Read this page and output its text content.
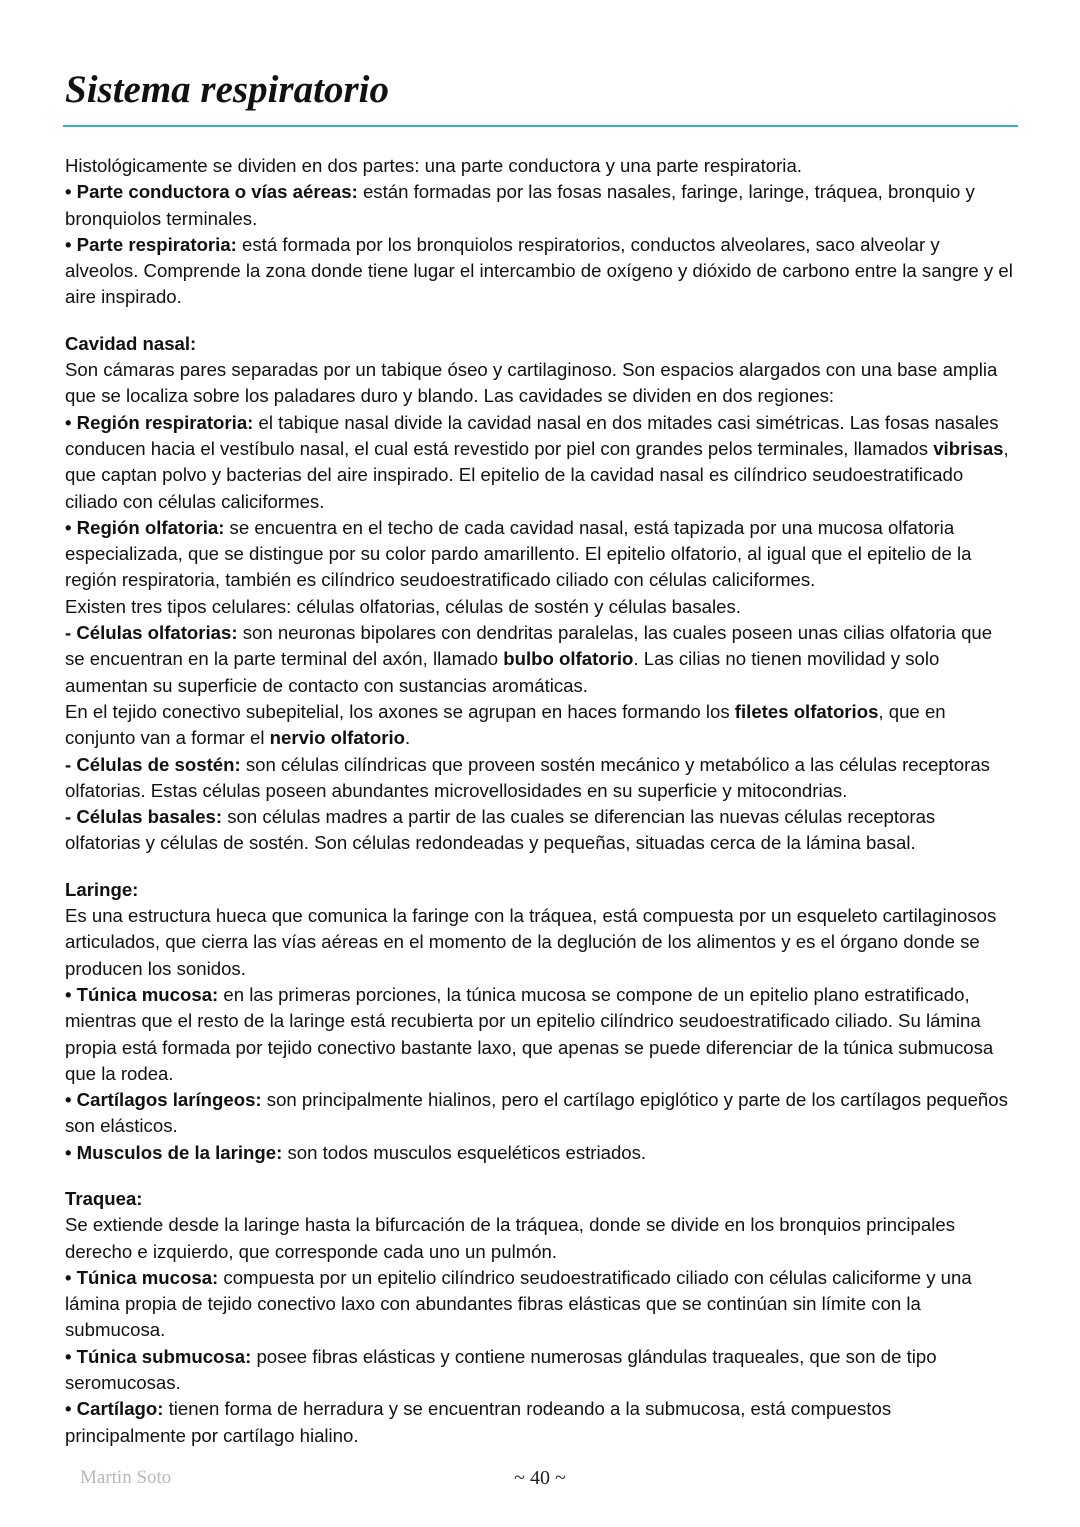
Sistema respiratorio

Histológicamente se dividen en dos partes: una parte conductora y una parte respiratoria.

• Parte conductora o vías aéreas: están formadas por las fosas nasales, faringe, laringe, tráquea, bronquio y bronquiolos terminales.

• Parte respiratoria: está formada por los bronquiolos respiratorios, conductos alveolares, saco alveolar y alveolos. Comprende la zona donde tiene lugar el intercambio de oxígeno y dióxido de carbono entre la sangre y el aire inspirado.

Cavidad nasal:

Son cámaras pares separadas por un tabique óseo y cartilaginoso. Son espacios alargados con una base amplia que se localiza sobre los paladares duro y blando. Las cavidades se dividen en dos regiones:

• Región respiratoria: el tabique nasal divide la cavidad nasal en dos mitades casi simétricas. Las fosas nasales conducen hacia el vestíbulo nasal, el cual está revestido por piel con grandes pelos terminales, llamados vibrisas, que captan polvo y bacterias del aire inspirado. El epitelio de la cavidad nasal es cilíndrico seudoestratificado ciliado con células caliciformes.

• Región olfatoria: se encuentra en el techo de cada cavidad nasal, está tapizada por una mucosa olfatoria especializada, que se distingue por su color pardo amarillento. El epitelio olfatorio, al igual que el epitelio de la región respiratoria, también es cilíndrico seudoestratificado ciliado con células caliciformes.

Existen tres tipos celulares: células olfatorias, células de sostén y células basales.

- Células olfatorias: son neuronas bipolares con dendritas paralelas, las cuales poseen unas cilias olfatoria que se encuentran en la parte terminal del axón, llamado bulbo olfatorio. Las cilias no tienen movilidad y solo aumentan su superficie de contacto con sustancias aromáticas.

En el tejido conectivo subepitelial, los axones se agrupan en haces formando los filetes olfatorios, que en conjunto van a formar el nervio olfatorio.

- Células de sostén: son células cilíndricas que proveen sostén mecánico y metabólico a las células receptoras olfatorias. Estas células poseen abundantes microvellosidades en su superficie y mitocondrias.

- Células basales: son células madres a partir de las cuales se diferencian las nuevas células receptoras olfatorias y células de sostén. Son células redondeadas y pequeñas, situadas cerca de la lámina basal.

Laringe:

Es una estructura hueca que comunica la faringe con la tráquea, está compuesta por un esqueleto cartilaginosos articulados, que cierra las vías aéreas en el momento de la deglución de los alimentos y es el órgano donde se producen los sonidos.

• Túnica mucosa: en las primeras porciones, la túnica mucosa se compone de un epitelio plano estratificado, mientras que el resto de la laringe está recubierta por un epitelio cilíndrico seudoestratificado ciliado. Su lámina propia está formada por tejido conectivo bastante laxo, que apenas se puede diferenciar de la túnica submucosa que la rodea.

• Cartílagos laríngeos: son principalmente hialinos, pero el cartílago epiglótico y parte de los cartílagos pequeños son elásticos.

• Musculos de la laringe: son todos musculos esqueléticos estriados.

Traquea:

Se extiende desde la laringe hasta la bifurcación de la tráquea, donde se divide en los bronquios principales derecho e izquierdo, que corresponde cada uno un pulmón.

• Túnica mucosa: compuesta por un epitelio cilíndrico seudoestratificado ciliado con células caliciforme y una lámina propia de tejido conectivo laxo con abundantes fibras elásticas que se continúan sin límite con la submucosa.

• Túnica submucosa: posee fibras elásticas y contiene numerosas glándulas traqueales, que son de tipo seromucosas.

• Cartílago: tienen forma de herradura y se encuentran rodeando a la submucosa, está compuestos principalmente por cartílago hialino.

Martin Soto	~ 40 ~
